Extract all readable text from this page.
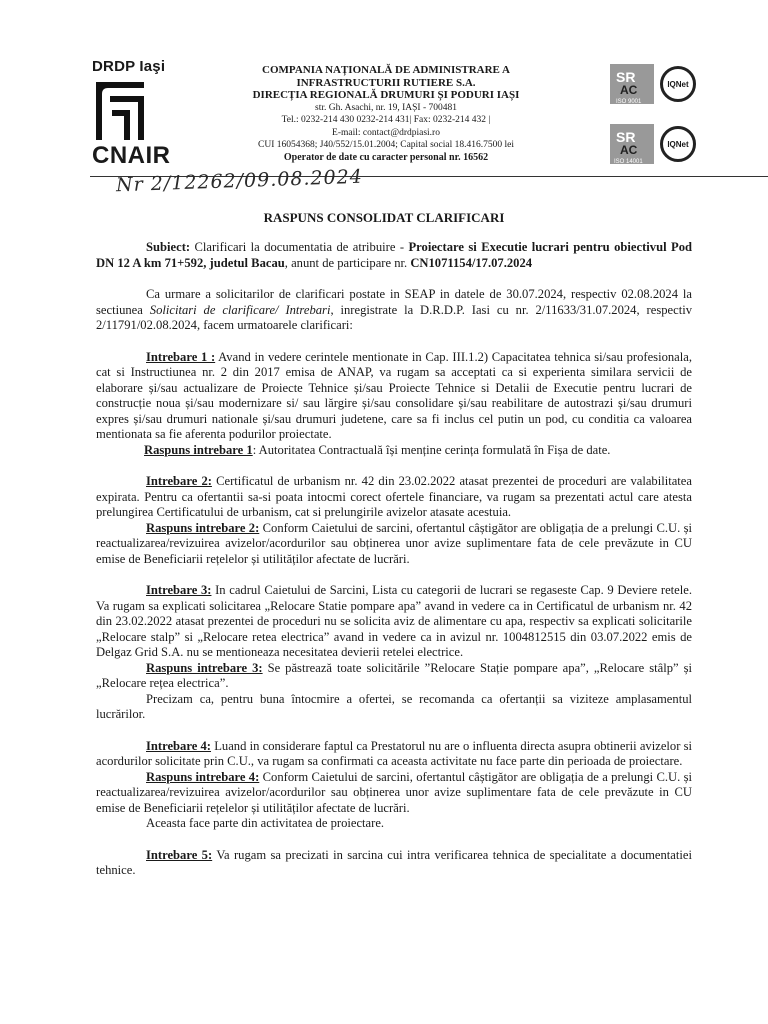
DRDP Iaşi
CNAIR
COMPANIA NAȚIONALĂ DE ADMINISTRARE A
INFRASTRUCTURII RUTIERE S.A.
DIRECȚIA REGIONALĂ DRUMURI ȘI PODURI IAȘI
str. Gh. Asachi, nr. 19, IAȘI - 700481
Tel.: 0232-214 430 0232-214 431| Fax: 0232-214 432 |
E-mail: contact@drdpiasi.ro
CUI 16054368; J40/552/15.01.2004; Capital social 18.416.7500 lei
Operator de date cu caracter personal nr. 16562
SR
AC
ISO 9001
IQNet
SR
AC
ISO 14001
IQNet
Nr 2/12262/09.08.2024
RASPUNS CONSOLIDAT CLARIFICARI

Subiect: Clarificari la documentatia de atribuire - Proiectare si Executie lucrari pentru obiectivul Pod DN 12 A km 71+592, judetul Bacau, anunt de participare nr. CN1071154/17.07.2024

Ca urmare a solicitarilor de clarificari postate in SEAP in datele de 30.07.2024, respectiv 02.08.2024 la sectiunea Solicitari de clarificare/ Intrebari, inregistrate la D.R.D.P. Iasi cu nr. 2/11633/31.07.2024, respectiv 2/11791/02.08.2024, facem urmatoarele clarificari:

Intrebare 1 : Avand in vedere cerintele mentionate in Cap. III.1.2) Capacitatea tehnica si/sau profesionala, cat si Instructiunea nr. 2 din 2017 emisa de ANAP, va rugam sa acceptati ca si experienta similara servicii de elaborare și/sau actualizare de Proiecte Tehnice și/sau Proiecte Tehnice si Detalii de Executie pentru lucrari de construcție noua și/sau modernizare si/ sau lărgire și/sau consolidare și/sau reabilitare de autostrazi și/sau drumuri expres și/sau drumuri nationale și/sau drumuri judetene, care sa fi inclus cel putin un pod, cu conditia ca valoarea mentionata sa fie aferenta podurilor proiectate.

Raspuns intrebare 1: Autoritatea Contractuală își menține cerința formulată în Fișa de date.

Intrebare 2: Certificatul de urbanism nr. 42 din 23.02.2022 atasat prezentei de proceduri are valabilitatea expirata. Pentru ca ofertantii sa-si poata intocmi corect ofertele financiare, va rugam sa prezentati actul care atesta prelungirea Certificatului de urbanism, cat si prelungirile avizelor atasate acestuia.

Raspuns intrebare 2: Conform Caietului de sarcini, ofertantul câștigător are obligația de a prelungi C.U. și reactualizarea/revizuirea avizelor/acordurilor sau obținerea unor avize suplimentare fata de cele prevăzute in CU emise de Beneficiarii rețelelor și utilităților afectate de lucrări.

Intrebare 3: In cadrul Caietului de Sarcini, Lista cu categorii de lucrari se regaseste Cap. 9 Deviere retele. Va rugam sa explicati solicitarea „Relocare Statie pompare apa” avand in vedere ca in Certificatul de urbanism nr. 42 din 23.02.2022 atasat prezentei de proceduri nu se solicita aviz de alimentare cu apa, respectiv sa explicati solicitarile „Relocare stalp” si „Relocare retea electrica” avand in vedere ca in avizul nr. 1004812515 din 03.07.2022 emis de Delgaz Grid S.A. nu se mentioneaza necesitatea devierii retelei electrice.

Raspuns intrebare 3: Se păstrează toate solicitările ”Relocare Stație pompare apa”, „Relocare stâlp” și „Relocare rețea electrica”.

Precizam ca, pentru buna întocmire a ofertei, se recomanda ca ofertanții sa viziteze amplasamentul lucrărilor.

Intrebare 4: Luand in considerare faptul ca Prestatorul nu are o influenta directa asupra obtinerii avizelor si acordurilor solicitate prin C.U., va rugam sa confirmati ca aceasta activitate nu face parte din perioada de proiectare.

Raspuns intrebare 4: Conform Caietului de sarcini, ofertantul câștigător are obligația de a prelungi C.U. și reactualizarea/revizuirea avizelor/acordurilor sau obținerea unor avize suplimentare fata de cele prevăzute in CU emise de Beneficiarii rețelelor și utilităților afectate de lucrări.

Aceasta face parte din activitatea de proiectare.

Intrebare 5: Va rugam sa precizati in sarcina cui intra verificarea tehnica de specialitate a documentatiei tehnice.
